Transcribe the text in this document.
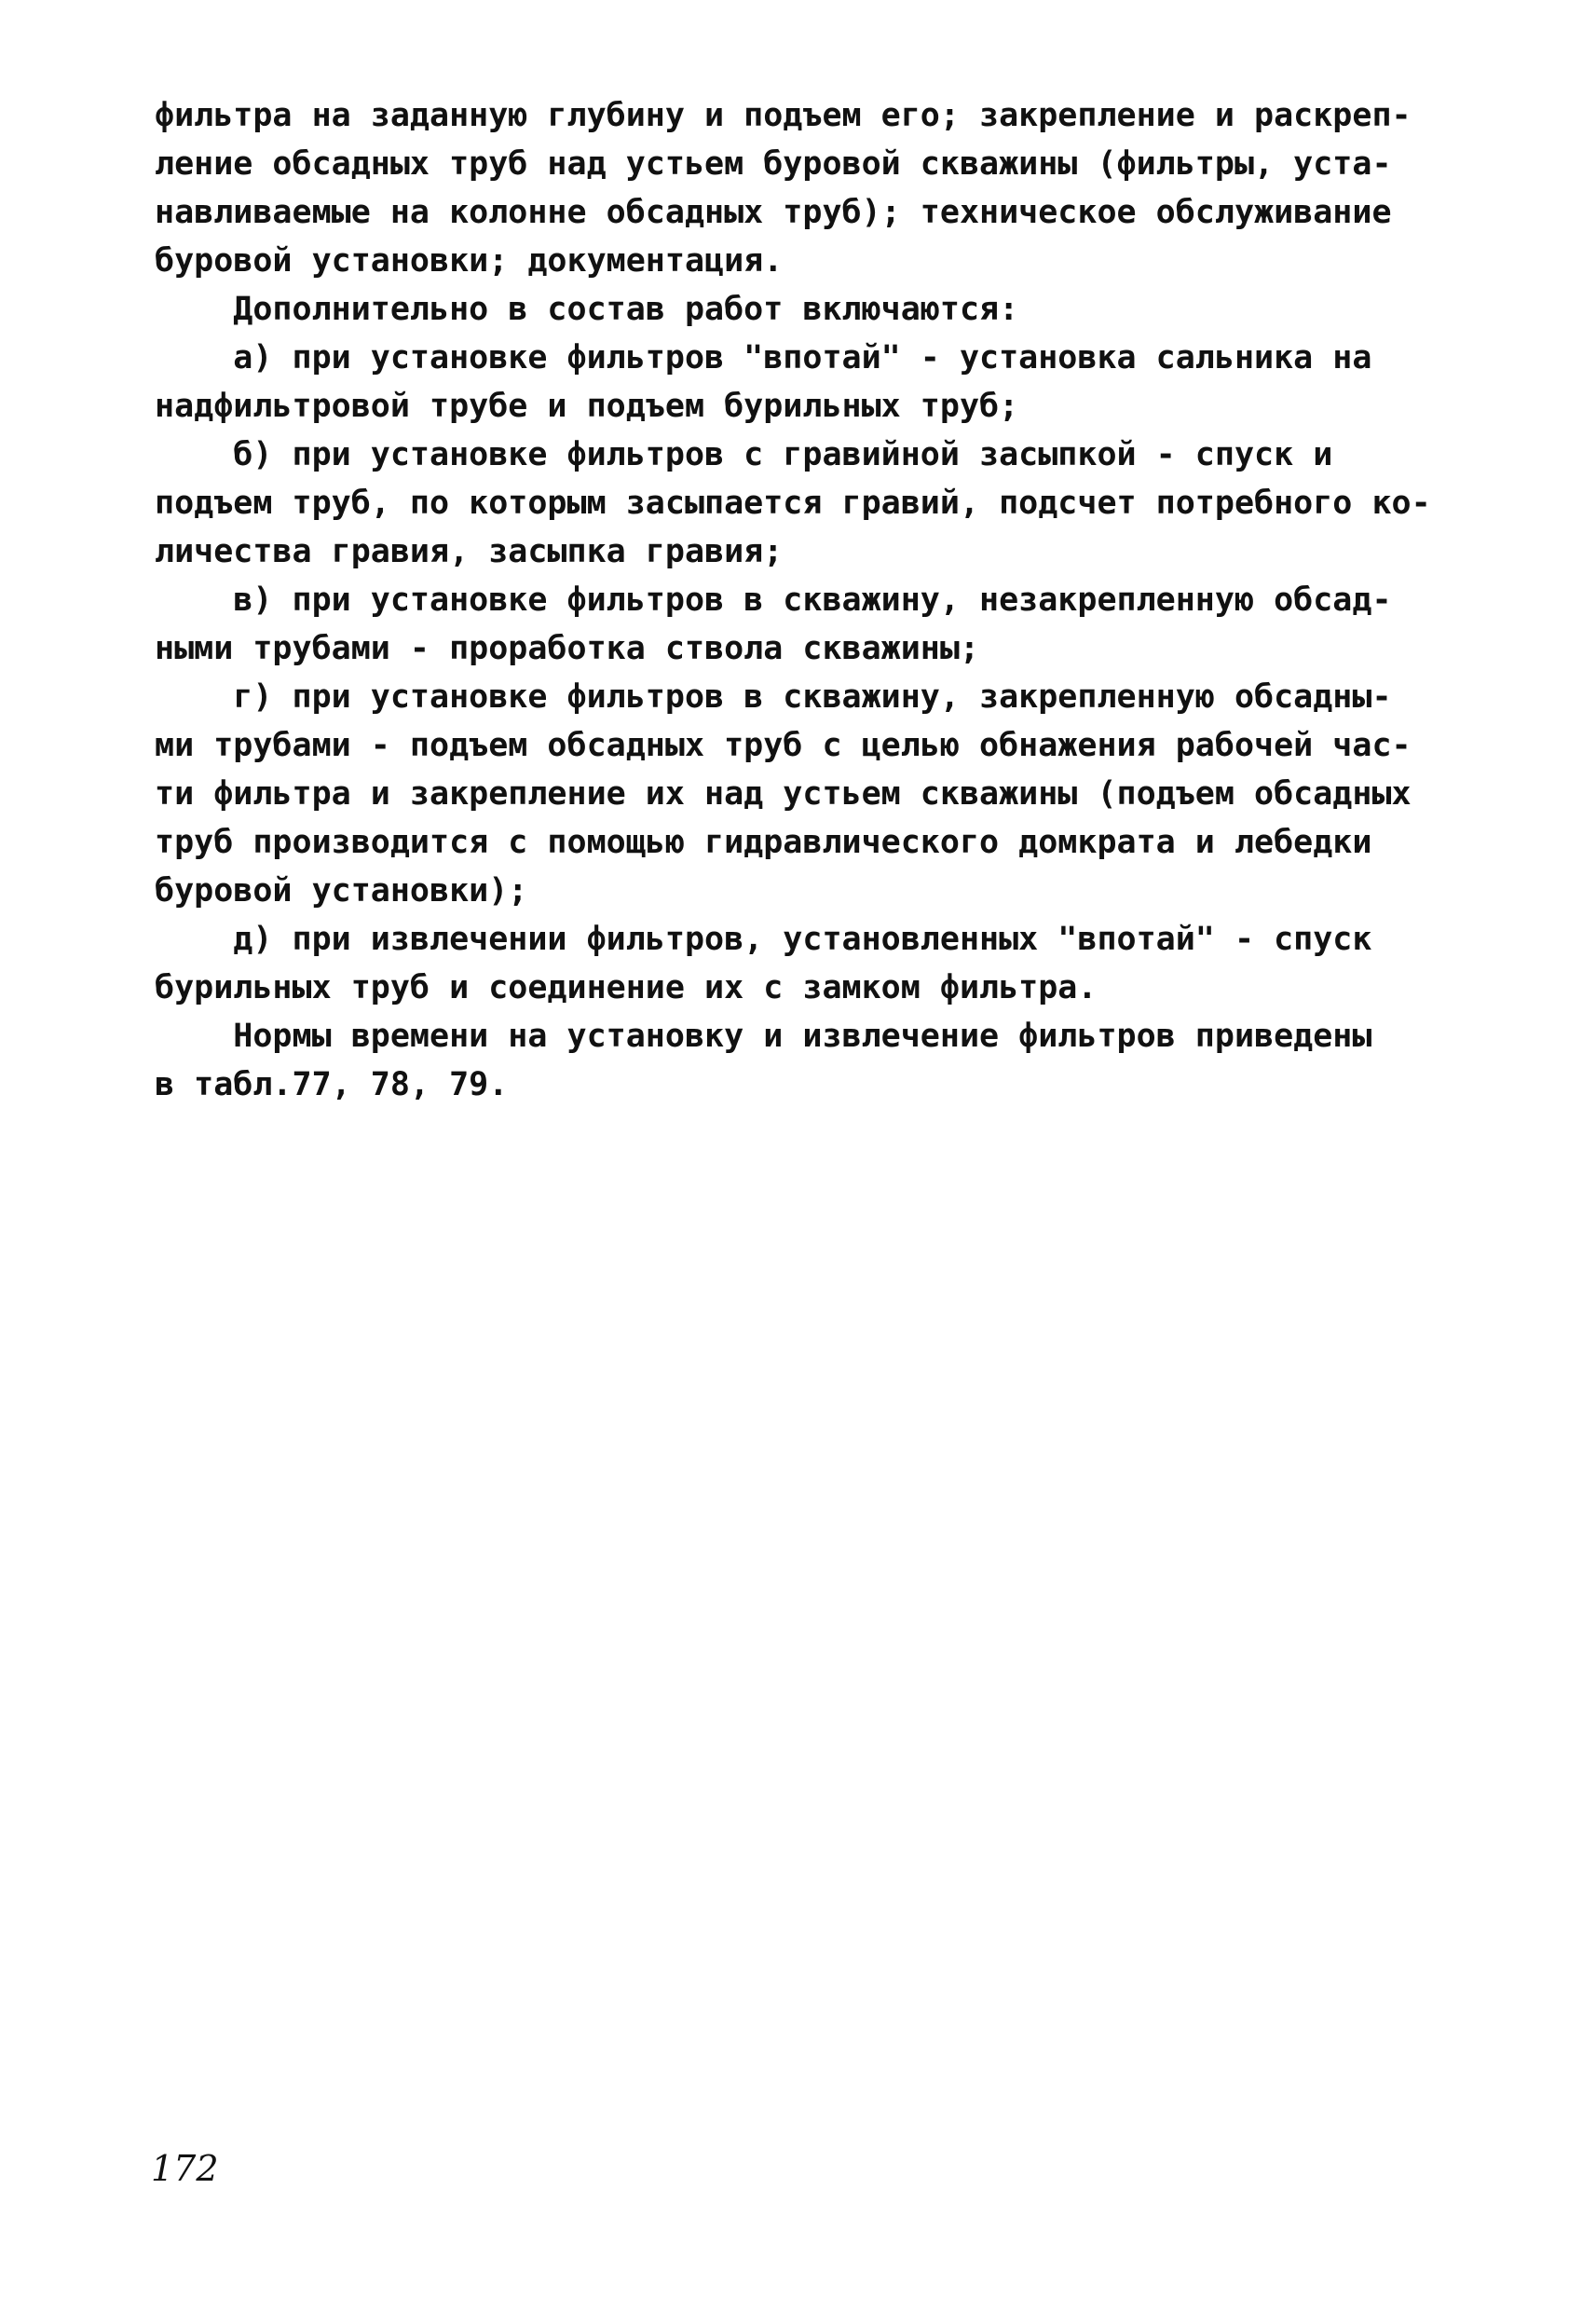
фильтра на заданную глубину и подъем его; закрепление и раскреп-
ление обсадных труб над устьем буровой скважины (фильтры, уста-
навливаемые на колонне обсадных труб); техническое обслуживание
буровой установки; документация.
Дополнительно в состав работ включаются:
а) при установке фильтров "впотай" - установка сальника на
надфильтровой трубе и подъем бурильных труб;
б) при установке фильтров с гравийной засыпкой - спуск и
подъем труб, по которым засыпается гравий, подсчет потребного ко-
личества гравия, засыпка гравия;
в) при установке фильтров в скважину, незакрепленную обсад-
ными трубами - проработка ствола скважины;
г) при установке фильтров в скважину, закрепленную обсадны-
ми трубами - подъем обсадных труб с целью обнажения рабочей час-
ти фильтра и закрепление их над устьем скважины (подъем обсадных
труб производится с помощью гидравлического домкрата и лебедки
буровой установки);
д) при извлечении фильтров, установленных "впотай" - спуск
бурильных труб и соединение их с замком фильтра.
Нормы времени на установку и извлечение фильтров приведены
в табл.77, 78, 79.
172
